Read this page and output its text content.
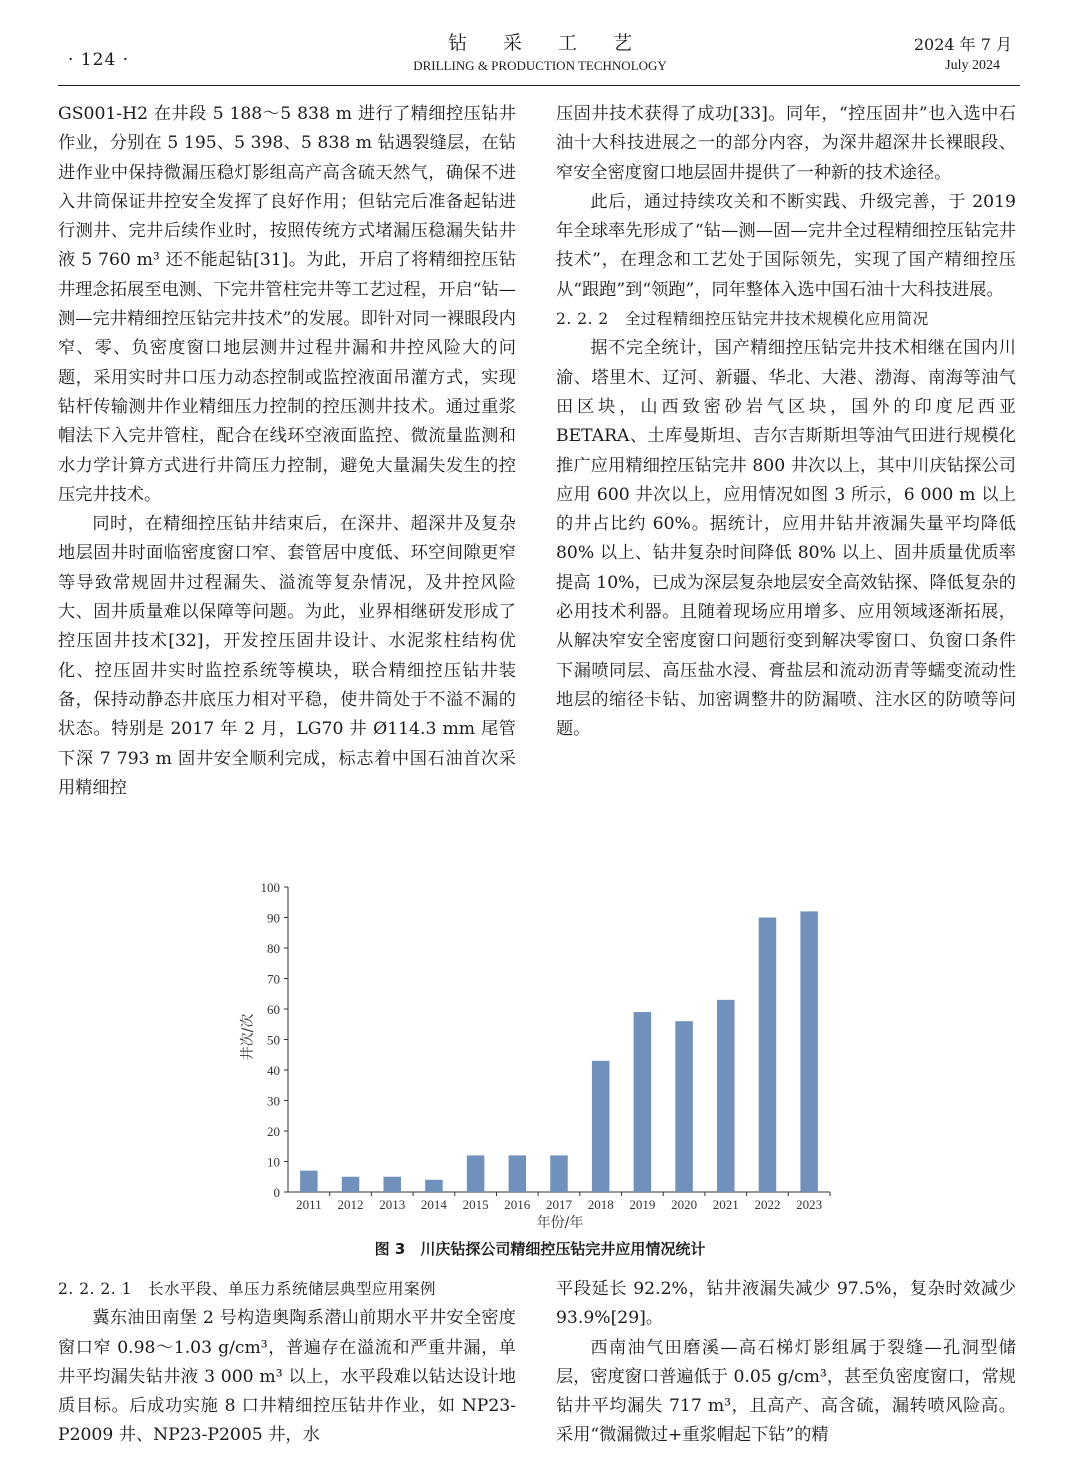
· 124 ·
钻采工艺
DRILLING & PRODUCTION TECHNOLOGY
2024 年 7 月
July 2024

GS001-H2 在井段 5 188～5 838 m 进行了精细控压钻井作业，分别在 5 195、5 398、5 838 m 钻遇裂缝层，在钻进作业中保持微漏压稳灯影组高产高含硫天然气，确保不进入井筒保证井控安全发挥了良好作用；但钻完后准备起钻进行测井、完井后续作业时，按照传统方式堵漏压稳漏失钻井液 5 760 m³ 还不能起钻[31]。为此，开启了将精细控压钻井理念拓展至电测、下完井管柱完井等工艺过程，开启“钻—测—完井精细控压钻完井技术”的发展。即针对同一裸眼段内窄、零、负密度窗口地层测井过程井漏和井控风险大的问题，采用实时井口压力动态控制或监控液面吊灌方式，实现钻杆传输测井作业精细压力控制的控压测井技术。通过重浆帽法下入完井管柱，配合在线环空液面监控、微流量监测和水力学计算方式进行井筒压力控制，避免大量漏失发生的控压完井技术。

同时，在精细控压钻井结束后，在深井、超深井及复杂地层固井时面临密度窗口窄、套管居中度低、环空间隙更窄等导致常规固井过程漏失、溢流等复杂情况，及井控风险大、固井质量难以保障等问题。为此，业界相继研发形成了控压固井技术[32]，开发控压固井设计、水泥浆柱结构优化、控压固井实时监控系统等模块，联合精细控压钻井装备，保持动静态井底压力相对平稳，使井筒处于不溢不漏的状态。特别是 2017 年 2 月，LG70 井 Ø114.3 mm 尾管下深 7 793 m 固井安全顺利完成，标志着中国石油首次采用精细控

压固井技术获得了成功[33]。同年，“控压固井”也入选中石油十大科技进展之一的部分内容，为深井超深井长裸眼段、窄安全密度窗口地层固井提供了一种新的技术途径。

此后，通过持续攻关和不断实践、升级完善，于 2019 年全球率先形成了“钻—测—固—完井全过程精细控压钻完井技术”，在理念和工艺处于国际领先，实现了国产精细控压从“跟跑”到“领跑”，同年整体入选中国石油十大科技进展。

2. 2. 2　全过程精细控压钻完井技术规模化应用简况

据不完全统计，国产精细控压钻完井技术相继在国内川渝、塔里木、辽河、新疆、华北、大港、渤海、南海等油气田区块，山西致密砂岩气区块，国外的印度尼西亚 BETARA、土库曼斯坦、吉尔吉斯斯坦等油气田进行规模化推广应用精细控压钻完井 800 井次以上，其中川庆钻探公司应用 600 井次以上，应用情况如图 3 所示，6 000 m 以上的井占比约 60%。据统计，应用井钻井液漏失量平均降低 80% 以上、钻井复杂时间降低 80% 以上、固井质量优质率提高 10%，已成为深层复杂地层安全高效钻探、降低复杂的必用技术利器。且随着现场应用增多、应用领域逐渐拓展，从解决窄安全密度窗口问题衍变到解决零窗口、负窗口条件下漏喷同层、高压盐水浸、膏盐层和流动沥青等蠕变流动性地层的缩径卡钻、加密调整井的防漏喷、注水区的防喷等问题。

0
10
20
30
40
50
60
70
80
90
100
2011 2012 2013 2014 2015 2016 2017 2018 2019 2020 2021 2022 2023
年份/年
井次/次
图 3　川庆钻探公司精细控压钻完井应用情况统计

2. 2. 2. 1　长水平段、单压力系统储层典型应用案例

冀东油田南堡 2 号构造奥陶系潜山前期水平井安全密度窗口窄 0.98～1.03 g/cm³，普遍存在溢流和严重井漏，单井平均漏失钻井液 3 000 m³ 以上，水平段难以钻达设计地质目标。后成功实施 8 口井精细控压钻井作业，如 NP23-P2009 井、NP23-P2005 井，水

平段延长 92.2%，钻井液漏失减少 97.5%，复杂时效减少 93.9%[29]。

西南油气田磨溪—高石梯灯影组属于裂缝—孔洞型储层，密度窗口普遍低于 0.05 g/cm³，甚至负密度窗口，常规钻井平均漏失 717 m³，且高产、高含硫，漏转喷风险高。采用“微漏微过+重浆帽起下钻”的精
